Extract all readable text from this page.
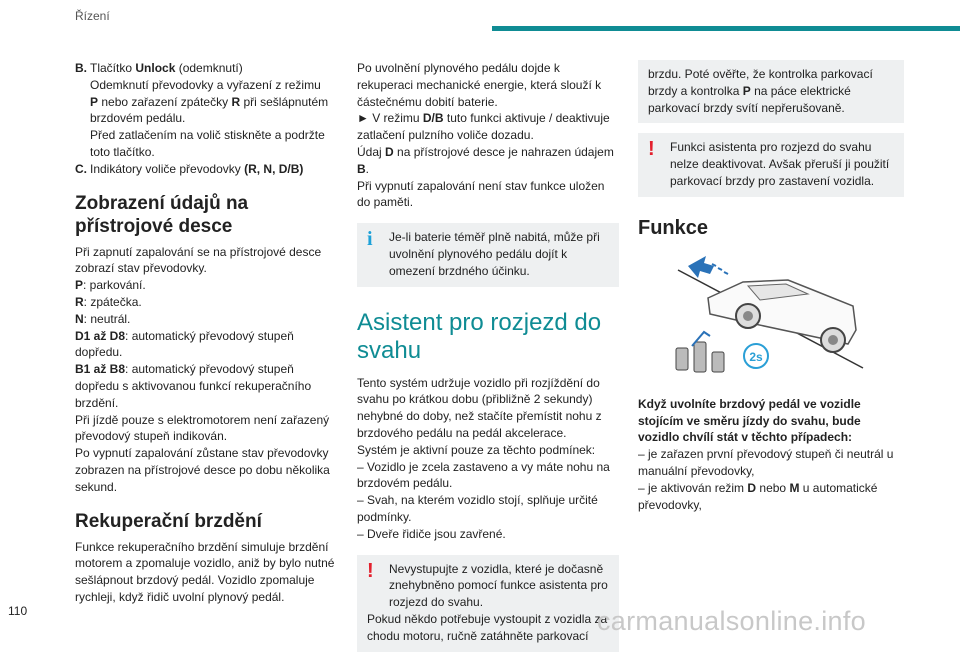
Řízení
B. Tlačítko Unlock (odemknutí)

Odemknutí převodovky a vyřazení z režimu

P nebo zařazení zpátečky R při sešlápnutém

brzdovém pedálu.

Před zatlačením na volič stiskněte a podržte

toto tlačítko.

C. Indikátory voliče převodovky (R, N, D/B)

Zobrazení údajů na přístrojové desce

Při zapnutí zapalování se na přístrojové desce zobrazí stav převodovky.

P: parkování.

R: zpátečka.

N: neutrál.

D1 až D8: automatický převodový stupeň dopředu.

B1 až B8: automatický převodový stupeň dopředu s aktivovanou funkcí rekuperačního brzdění.

Při jízdě pouze s elektromotorem není zařazený převodový stupeň indikován.

Po vypnutí zapalování zůstane stav převodovky zobrazen na přístrojové desce po dobu několika sekund.

Rekuperační brzdění

Funkce rekuperačního brzdění simuluje brzdění motorem a zpomaluje vozidlo, aniž by bylo nutné sešlápnout brzdový pedál. Vozidlo zpomaluje rychleji, když řidič uvolní plynový pedál.

Po uvolnění plynového pedálu dojde k rekuperaci mechanické energie, která slouží k částečnému dobití baterie.

► V režimu D/B tuto funkci aktivuje / deaktivuje zatlačení pulzního voliče dozadu.

Údaj D na přístrojové desce je nahrazen údajem B.

Při vypnutí zapalování není stav funkce uložen do paměti.

i	Je-li baterie téměř plně nabitá, může při uvolnění plynového pedálu dojít k omezení brzdného účinku.

Asistent pro rozjezd do svahu

Tento systém udržuje vozidlo při rozjíždění do svahu po krátkou dobu (přibližně 2 sekundy) nehybné do doby, než stačíte přemístit nohu z brzdového pedálu na pedál akcelerace.

Systém je aktivní pouze za těchto podmínek:

– Vozidlo je zcela zastaveno a vy máte nohu na brzdovém pedálu.

– Svah, na kterém vozidlo stojí, splňuje určité podmínky.

– Dveře řidiče jsou zavřené.

!	Nevystupujte z vozidla, které je dočasně znehybněno pomocí funkce asistenta pro rozjezd do svahu.

Pokud někdo potřebuje vystoupit z vozidla za chodu motoru, ručně zatáhněte parkovací

brzdu. Poté ověřte, že kontrolka parkovací brzdy a kontrolka P na páce elektrické parkovací brzdy svítí nepřerušovaně.

!	Funkci asistenta pro rozjezd do svahu nelze deaktivovat. Avšak přeruší ji použití parkovací brzdy pro zastavení vozidla.

Funkce
2s

Když uvolníte brzdový pedál ve vozidle stojícím ve směru jízdy do svahu, bude vozidlo chvílí stát v těchto případech:

– je zařazen první převodový stupeň či neutrál u manuální převodovky,

– je aktivován režim D nebo M u automatické převodovky,

110	carmanualsonline.info
